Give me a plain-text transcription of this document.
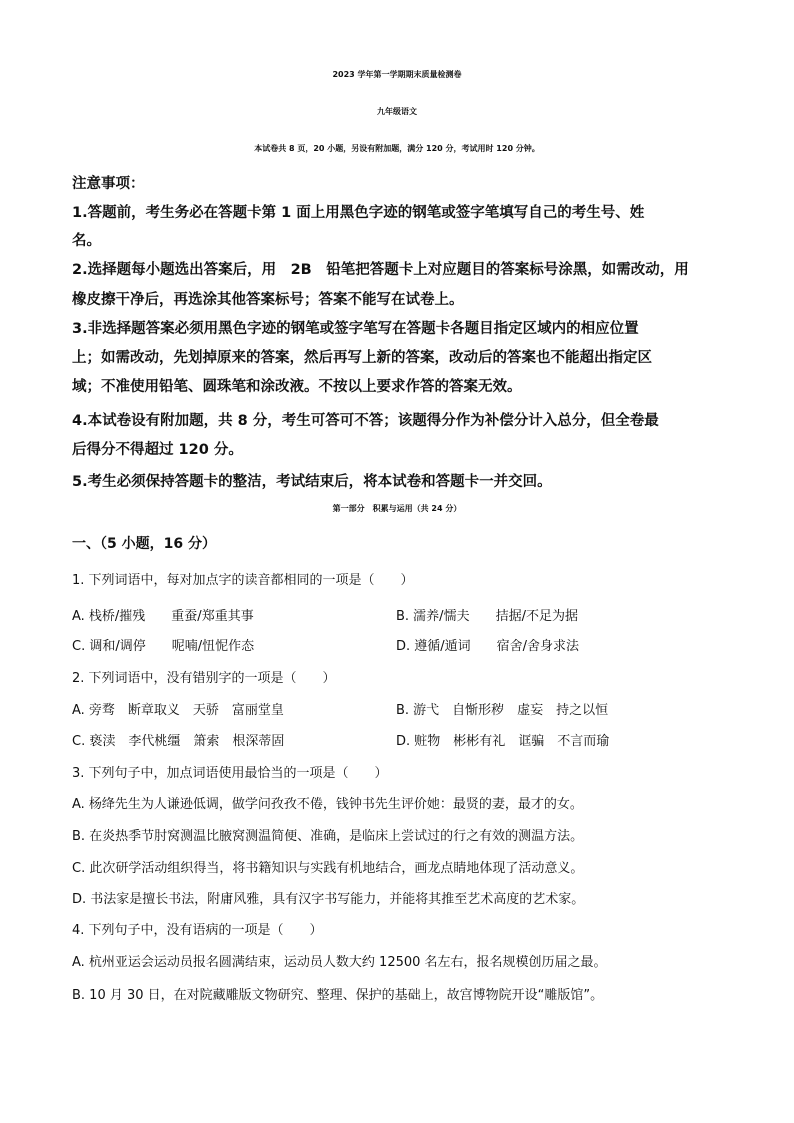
2023 学年第一学期期末质量检测卷
九年级语文
本试卷共 8 页，20 小题，另设有附加题，满分 120 分，考试用时 120 分钟。
注意事项：
1.答题前，考生务必在答题卡第 1 面上用黑色字迹的钢笔或签字笔填写自己的考生号、姓
名。
2.选择题每小题选出答案后，用　2B　铅笔把答题卡上对应题目的答案标号涂黑，如需改动，用
橡皮擦干净后，再选涂其他答案标号；答案不能写在试卷上。
3.非选择题答案必须用黑色字迹的钢笔或签字笔写在答题卡各题目指定区域内的相应位置
上；如需改动，先划掉原来的答案，然后再写上新的答案，改动后的答案也不能超出指定区
域；不准使用铅笔、圆珠笔和涂改液。不按以上要求作答的答案无效。
4.本试卷设有附加题，共 8 分，考生可答可不答；该题得分作为补偿分计入总分，但全卷最
后得分不得超过 120 分。
5.考生必须保持答题卡的整洁，考试结束后，将本试卷和答题卡一并交回。
第一部分　积累与运用（共 24 分）
一、（5 小题，16 分）
1. 下列词语中，每对加点字的读音都相同的一项是（　　）
A. 栈桥/摧残　　重蚕/郑重其事	B. 濡养/懦夫　　拮据/不足为据
C. 调和/调停　　呢喃/忸怩作态	D. 遵循/遁词　　宿舍/舍身求法
2. 下列词语中，没有错别字的一项是（　　）
A. 旁骛　断章取义　天骄　富丽堂皇	B. 游弋　自惭形秽　虚妄　持之以恒
C. 亵渎　李代桃缰　箫索　根深蒂固	D. 赃物　彬彬有礼　诓骗　不言而瑜
3. 下列句子中，加点词语使用最恰当的一项是（　　）
A. 杨绛先生为人谦逊低调，做学问孜孜不倦，钱钟书先生评价她：最贤的妻，最才的女。
B. 在炎热季节肘窝测温比腋窝测温简便、准确，是临床上尝试过的行之有效的测温方法。
C. 此次研学活动组织得当，将书籍知识与实践有机地结合，画龙点睛地体现了活动意义。
D. 书法家是擅长书法，附庸风雅，具有汉字书写能力，并能将其推至艺术高度的艺术家。
4. 下列句子中，没有语病的一项是（　　）
A. 杭州亚运会运动员报名圆满结束，运动员人数大约 12500 名左右，报名规模创历届之最。
B. 10 月 30 日，在对院藏雕版文物研究、整理、保护的基础上，故宫博物院开设“雕版馆”。
